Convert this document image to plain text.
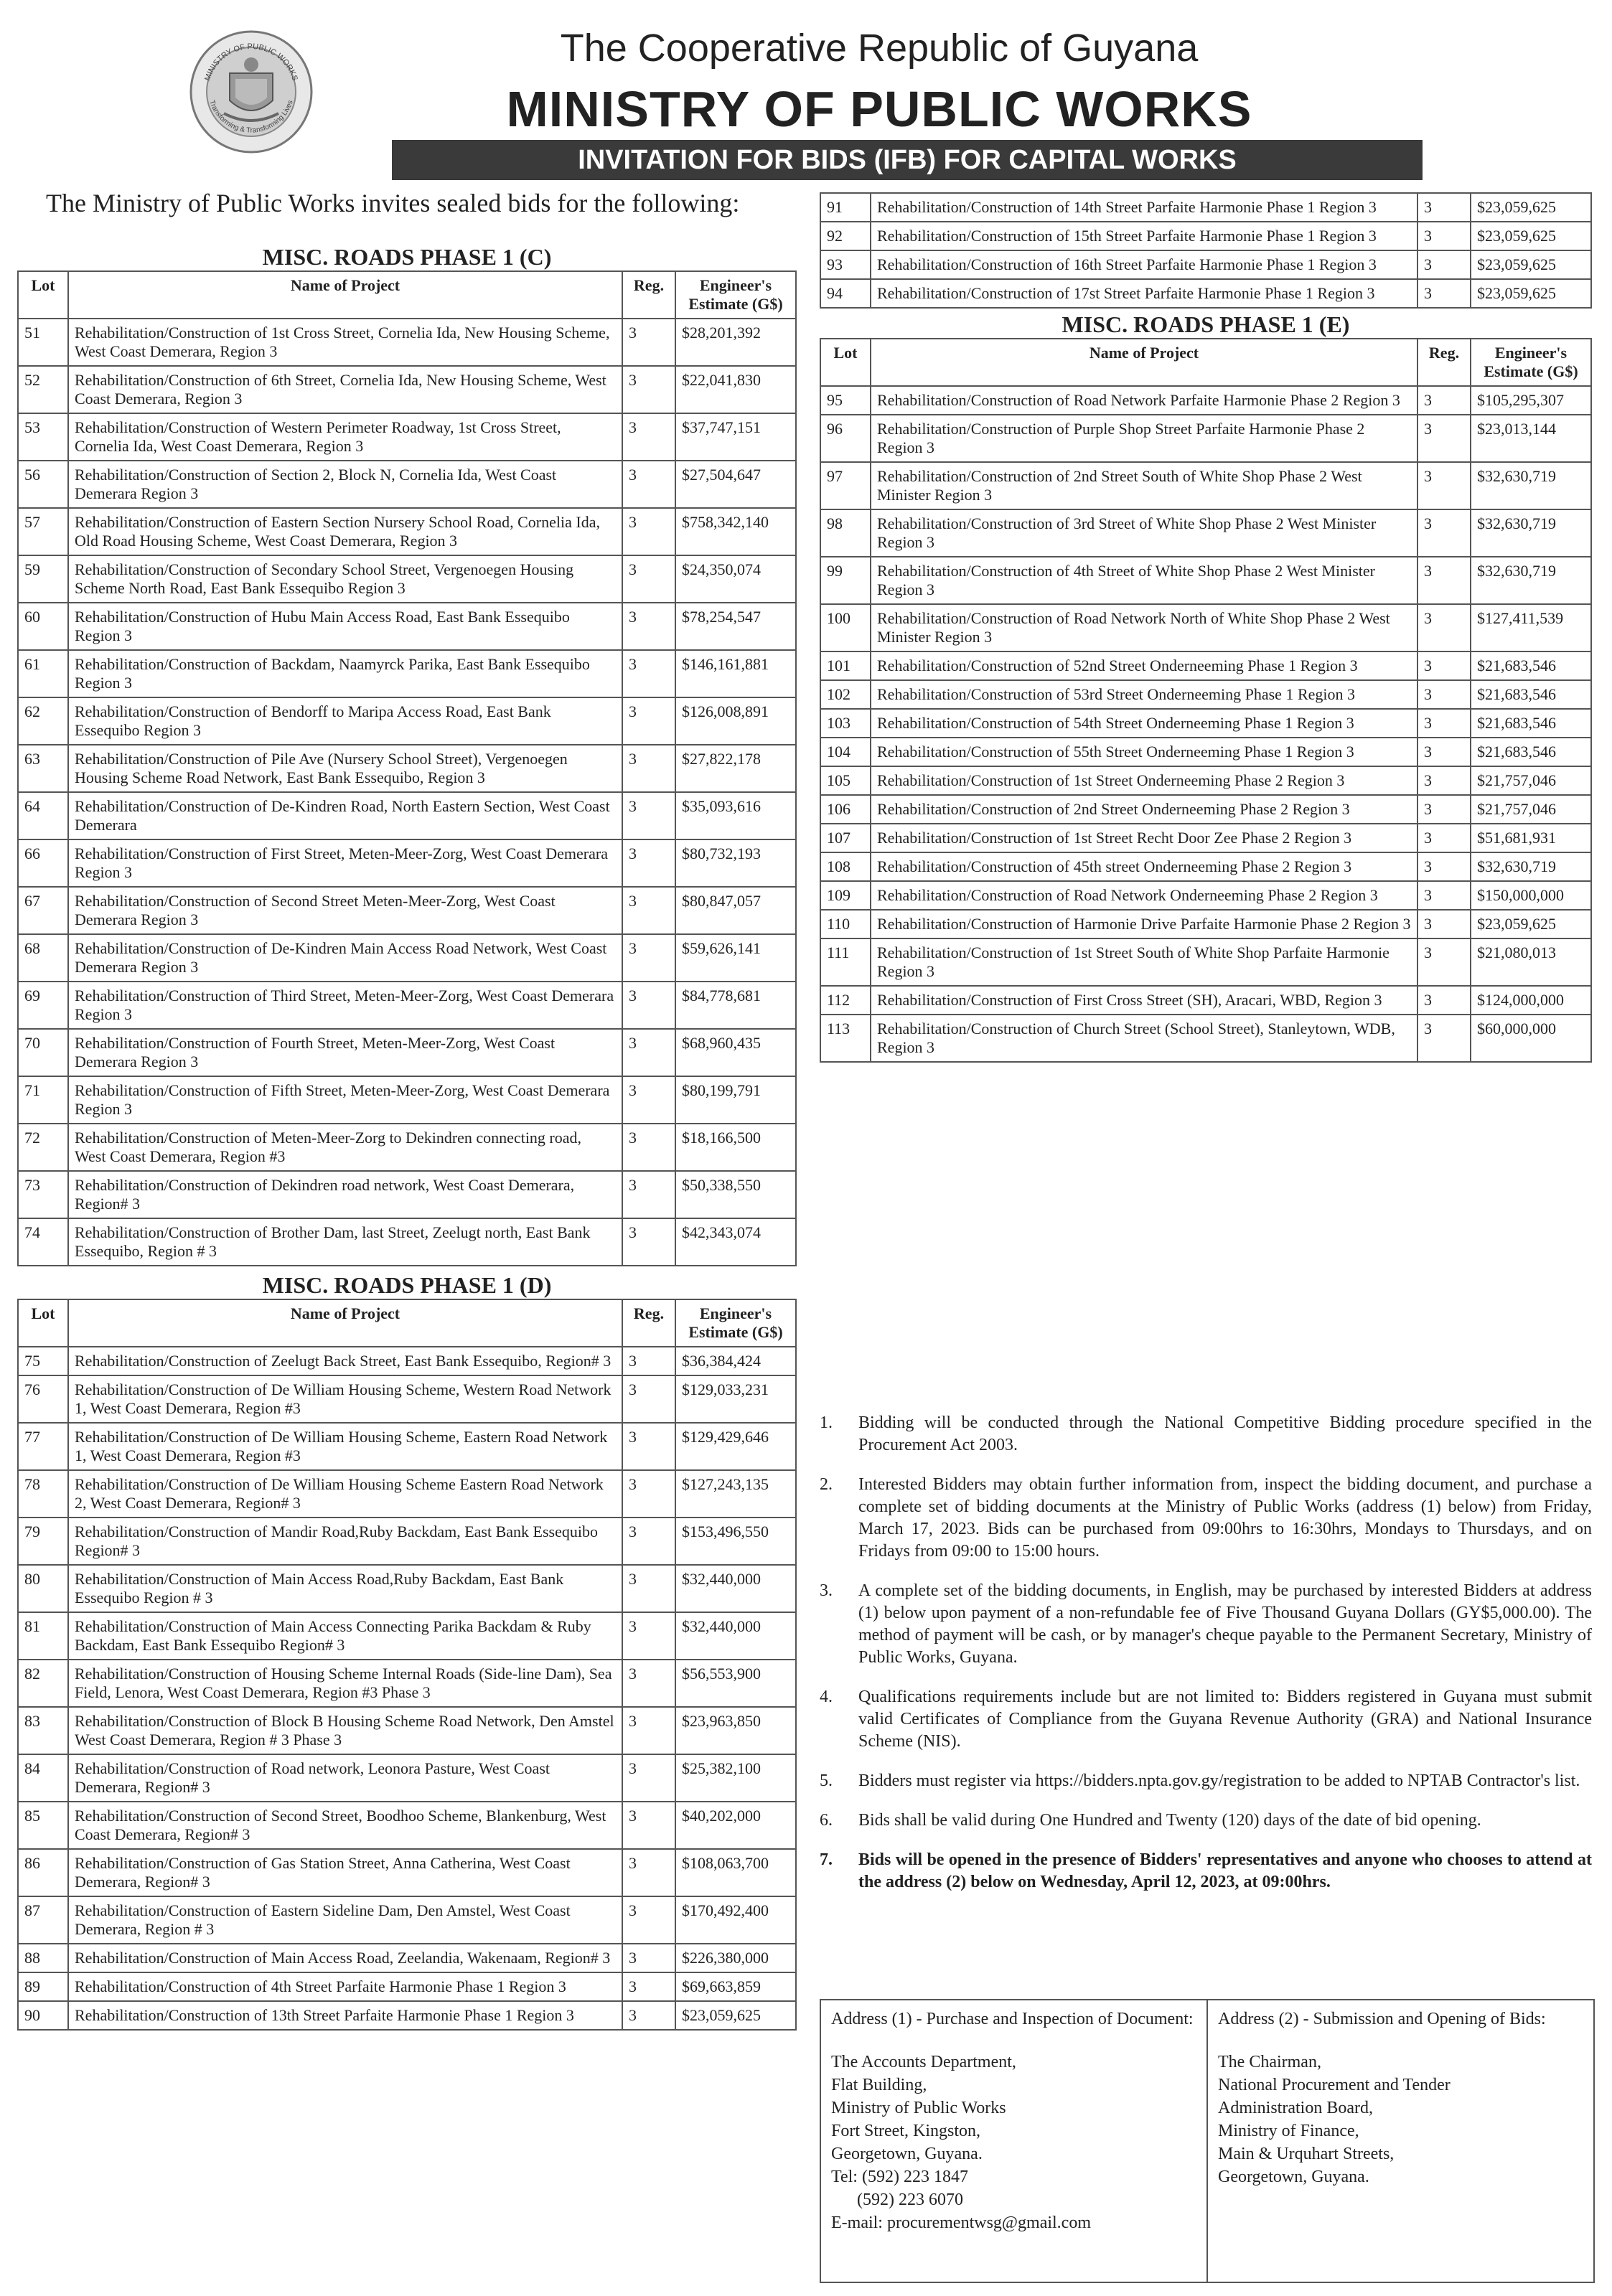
MINISTRY OF PUBLIC WORKS
Transforming & Transforming Lives
The Cooperative Republic of Guyana
MINISTRY OF PUBLIC WORKS
INVITATION FOR BIDS (IFB) FOR CAPITAL WORKS
The Ministry of Public Works invites sealed bids for the following:
MISC. ROADS PHASE 1 (C)
Lot	Name of Project	Reg.	Engineer's Estimate (G$)
51	Rehabilitation/Construction of 1st Cross Street, Cornelia Ida, New Housing Scheme, West Coast Demerara, Region 3	3	$28,201,392
52	Rehabilitation/Construction of 6th Street, Cornelia Ida, New Housing Scheme, West Coast Demerara, Region 3	3	$22,041,830
53	Rehabilitation/Construction of Western Perimeter Roadway, 1st Cross Street, Cornelia Ida, West Coast Demerara, Region 3	3	$37,747,151
56	Rehabilitation/Construction of Section 2, Block N, Cornelia Ida, West Coast Demerara Region 3	3	$27,504,647
57	Rehabilitation/Construction of Eastern Section Nursery School Road, Cornelia Ida, Old Road Housing Scheme, West Coast Demerara, Region 3	3	$758,342,140
59	Rehabilitation/Construction of Secondary School Street, Vergenoegen Housing Scheme North Road, East Bank Essequibo Region 3	3	$24,350,074
60	Rehabilitation/Construction of Hubu Main Access Road, East Bank Essequibo Region 3	3	$78,254,547
61	Rehabilitation/Construction of Backdam, Naamyrck Parika, East Bank Essequibo Region 3	3	$146,161,881
62	Rehabilitation/Construction of Bendorff to Maripa Access Road, East Bank Essequibo Region 3	3	$126,008,891
63	Rehabilitation/Construction of Pile Ave (Nursery School Street), Vergenoegen Housing Scheme Road Network, East Bank Essequibo, Region 3	3	$27,822,178
64	Rehabilitation/Construction of De-Kindren Road, North Eastern Section, West Coast Demerara	3	$35,093,616
66	Rehabilitation/Construction of First Street, Meten-Meer-Zorg, West Coast Demerara Region 3	3	$80,732,193
67	Rehabilitation/Construction of Second Street Meten-Meer-Zorg, West Coast Demerara Region 3	3	$80,847,057
68	Rehabilitation/Construction of De-Kindren Main Access Road Network, West Coast Demerara Region 3	3	$59,626,141
69	Rehabilitation/Construction of Third Street, Meten-Meer-Zorg, West Coast Demerara Region 3	3	$84,778,681
70	Rehabilitation/Construction of Fourth Street, Meten-Meer-Zorg, West Coast Demerara Region 3	3	$68,960,435
71	Rehabilitation/Construction of Fifth Street, Meten-Meer-Zorg, West Coast Demerara Region 3	3	$80,199,791
72	Rehabilitation/Construction of Meten-Meer-Zorg to Dekindren connecting road, West Coast Demerara, Region #3	3	$18,166,500
73	Rehabilitation/Construction of Dekindren road network, West Coast Demerara, Region# 3	3	$50,338,550
74	Rehabilitation/Construction of Brother Dam, last Street, Zeelugt north, East Bank Essequibo, Region # 3	3	$42,343,074
MISC. ROADS PHASE 1 (D)
Lot	Name of Project	Reg.	Engineer's Estimate (G$)
75	Rehabilitation/Construction of Zeelugt Back Street, East Bank Essequibo, Region# 3	3	$36,384,424
76	Rehabilitation/Construction of De William Housing Scheme, Western Road Network 1, West Coast Demerara, Region #3	3	$129,033,231
77	Rehabilitation/Construction of De William Housing Scheme, Eastern Road Network 1, West Coast Demerara, Region #3	3	$129,429,646
78	Rehabilitation/Construction of De William Housing Scheme Eastern Road Network 2, West Coast Demerara, Region# 3	3	$127,243,135
79	Rehabilitation/Construction of Mandir Road,Ruby Backdam, East Bank Essequibo Region# 3	3	$153,496,550
80	Rehabilitation/Construction of Main Access Road,Ruby Backdam, East Bank Essequibo Region # 3	3	$32,440,000
81	Rehabilitation/Construction of Main Access Connecting Parika Backdam & Ruby Backdam, East Bank Essequibo Region# 3	3	$32,440,000
82	Rehabilitation/Construction of Housing Scheme Internal Roads (Side-line Dam), Sea Field, Lenora, West Coast Demerara, Region #3 Phase 3	3	$56,553,900
83	Rehabilitation/Construction of Block B Housing Scheme Road Network, Den Amstel West Coast Demerara, Region # 3 Phase 3	3	$23,963,850
84	Rehabilitation/Construction of Road network, Leonora Pasture, West Coast Demerara, Region# 3	3	$25,382,100
85	Rehabilitation/Construction of Second Street, Boodhoo Scheme, Blankenburg, West Coast Demerara, Region# 3	3	$40,202,000
86	Rehabilitation/Construction of Gas Station Street, Anna Catherina, West Coast Demerara, Region# 3	3	$108,063,700
87	Rehabilitation/Construction of Eastern Sideline Dam, Den Amstel, West Coast Demerara, Region # 3	3	$170,492,400
88	Rehabilitation/Construction of Main Access Road, Zeelandia, Wakenaam, Region# 3	3	$226,380,000
89	Rehabilitation/Construction of 4th Street Parfaite Harmonie Phase 1 Region 3	3	$69,663,859
90	Rehabilitation/Construction of 13th Street Parfaite Harmonie Phase 1 Region 3	3	$23,059,625
91	Rehabilitation/Construction of 14th Street Parfaite Harmonie Phase 1 Region 3	3	$23,059,625
92	Rehabilitation/Construction of 15th Street Parfaite Harmonie Phase 1 Region 3	3	$23,059,625
93	Rehabilitation/Construction of 16th Street Parfaite Harmonie Phase 1 Region 3	3	$23,059,625
94	Rehabilitation/Construction of 17st Street Parfaite Harmonie Phase 1 Region 3	3	$23,059,625
MISC. ROADS PHASE 1 (E)
Lot	Name of Project	Reg.	Engineer's Estimate (G$)
95	Rehabilitation/Construction of Road Network Parfaite Harmonie Phase 2 Region 3	3	$105,295,307
96	Rehabilitation/Construction of Purple Shop Street Parfaite Harmonie Phase 2 Region 3	3	$23,013,144
97	Rehabilitation/Construction of 2nd Street South of White Shop Phase 2 West Minister Region 3	3	$32,630,719
98	Rehabilitation/Construction of 3rd Street of White Shop Phase 2 West Minister Region 3	3	$32,630,719
99	Rehabilitation/Construction of 4th Street of White Shop Phase 2 West Minister Region 3	3	$32,630,719
100	Rehabilitation/Construction of Road Network North of White Shop Phase 2 West Minister Region 3	3	$127,411,539
101	Rehabilitation/Construction of 52nd Street Onderneeming Phase 1 Region 3	3	$21,683,546
102	Rehabilitation/Construction of 53rd Street Onderneeming Phase 1 Region 3	3	$21,683,546
103	Rehabilitation/Construction of 54th Street Onderneeming Phase 1 Region 3	3	$21,683,546
104	Rehabilitation/Construction of 55th Street Onderneeming Phase 1 Region 3	3	$21,683,546
105	Rehabilitation/Construction of 1st Street Onderneeming Phase 2 Region 3	3	$21,757,046
106	Rehabilitation/Construction of 2nd Street Onderneeming Phase 2 Region 3	3	$21,757,046
107	Rehabilitation/Construction of 1st Street Recht Door Zee Phase 2 Region 3	3	$51,681,931
108	Rehabilitation/Construction of 45th street Onderneeming Phase 2 Region 3	3	$32,630,719
109	Rehabilitation/Construction of Road Network Onderneeming Phase 2 Region 3	3	$150,000,000
110	Rehabilitation/Construction of Harmonie Drive Parfaite Harmonie Phase 2 Region 3	3	$23,059,625
111	Rehabilitation/Construction of 1st Street South of White Shop Parfaite Harmonie Region 3	3	$21,080,013
112	Rehabilitation/Construction of First Cross Street (SH), Aracari, WBD, Region 3	3	$124,000,000
113	Rehabilitation/Construction of Church Street (School Street), Stanleytown, WDB, Region 3	3	$60,000,000
1.	Bidding will be conducted through the National Competitive Bidding procedure specified in the Procurement Act 2003.
2.	Interested Bidders may obtain further information from, inspect the bidding document, and purchase a complete set of bidding documents at the Ministry of Public Works (address (1) below) from Friday, March 17, 2023. Bids can be purchased from 09:00hrs to 16:30hrs, Mondays to Thursdays, and on Fridays from 09:00 to 15:00 hours.
3.	A complete set of the bidding documents, in English, may be purchased by interested Bidders at address (1) below upon payment of a non-refundable fee of Five Thousand Guyana Dollars (GY$5,000.00). The method of payment will be cash, or by manager's cheque payable to the Permanent Secretary, Ministry of Public Works, Guyana.
4.	Qualifications requirements include but are not limited to: Bidders registered in Guyana must submit valid Certificates of Compliance from the Guyana Revenue Authority (GRA) and National Insurance Scheme (NIS).
5.	Bidders must register via https://bidders.npta.gov.gy/registration to be added to NPTAB Contractor's list.
6.	Bids shall be valid during One Hundred and Twenty (120) days of the date of bid opening.
7.	Bids will be opened in the presence of Bidders' representatives and anyone who chooses to attend at the address (2) below on Wednesday, April 12, 2023, at 09:00hrs.
Address (1) - Purchase and Inspection of Document:
The Accounts Department,
Flat Building,
Ministry of Public Works
Fort Street, Kingston,
Georgetown, Guyana.
Tel: (592) 223 1847
(592) 223 6070
E-mail: procurementwsg@gmail.com
Address (2) - Submission and Opening of Bids:
The Chairman,
National Procurement and Tender
Administration Board,
Ministry of Finance,
Main & Urquhart Streets,
Georgetown, Guyana.
